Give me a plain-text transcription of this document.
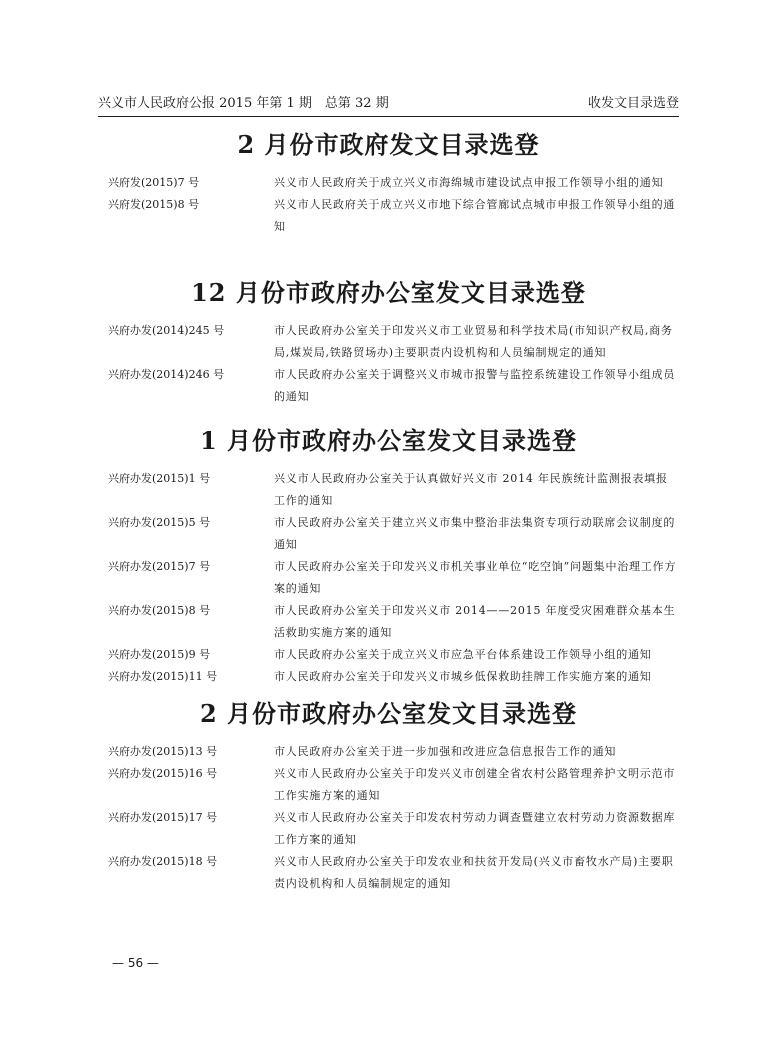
兴义市人民政府公报 2015 年第 1 期　总第 32 期	收发文目录选登
2 月份市政府发文目录选登
兴府发(2015)7 号	兴义市人民政府关于成立兴义市海绵城市建设试点申报工作领导小组的通知
兴府发(2015)8 号	兴义市人民政府关于成立兴义市地下综合管廊试点城市申报工作领导小组的通知
12 月份市政府办公室发文目录选登
兴府办发(2014)245 号	市人民政府办公室关于印发兴义市工业贸易和科学技术局(市知识产权局,商务局,煤炭局,铁路贸场办)主要职责内设机构和人员编制规定的通知
兴府办发(2014)246 号	市人民政府办公室关于调整兴义市城市报警与监控系统建设工作领导小组成员的通知
1 月份市政府办公室发文目录选登
兴府办发(2015)1 号	兴义市人民政府办公室关于认真做好兴义市 2014 年民族统计监测报表填报工作的通知
兴府办发(2015)5 号	市人民政府办公室关于建立兴义市集中整治非法集资专项行动联席会议制度的通知
兴府办发(2015)7 号	市人民政府办公室关于印发兴义市机关事业单位“吃空饷”问题集中治理工作方案的通知
兴府办发(2015)8 号	市人民政府办公室关于印发兴义市 2014——2015 年度受灾困难群众基本生活救助实施方案的通知
兴府办发(2015)9 号	市人民政府办公室关于成立兴义市应急平台体系建设工作领导小组的通知
兴府办发(2015)11 号	市人民政府办公室关于印发兴义市城乡低保救助挂牌工作实施方案的通知
2 月份市政府办公室发文目录选登
兴府办发(2015)13 号	市人民政府办公室关于进一步加强和改进应急信息报告工作的通知
兴府办发(2015)16 号	兴义市人民政府办公室关于印发兴义市创建全省农村公路管理养护文明示范市工作实施方案的通知
兴府办发(2015)17 号	兴义市人民政府办公室关于印发农村劳动力调查暨建立农村劳动力资源数据库工作方案的通知
兴府办发(2015)18 号	兴义市人民政府办公室关于印发农业和扶贫开发局(兴义市畜牧水产局)主要职责内设机构和人员编制规定的通知
— 56 —
